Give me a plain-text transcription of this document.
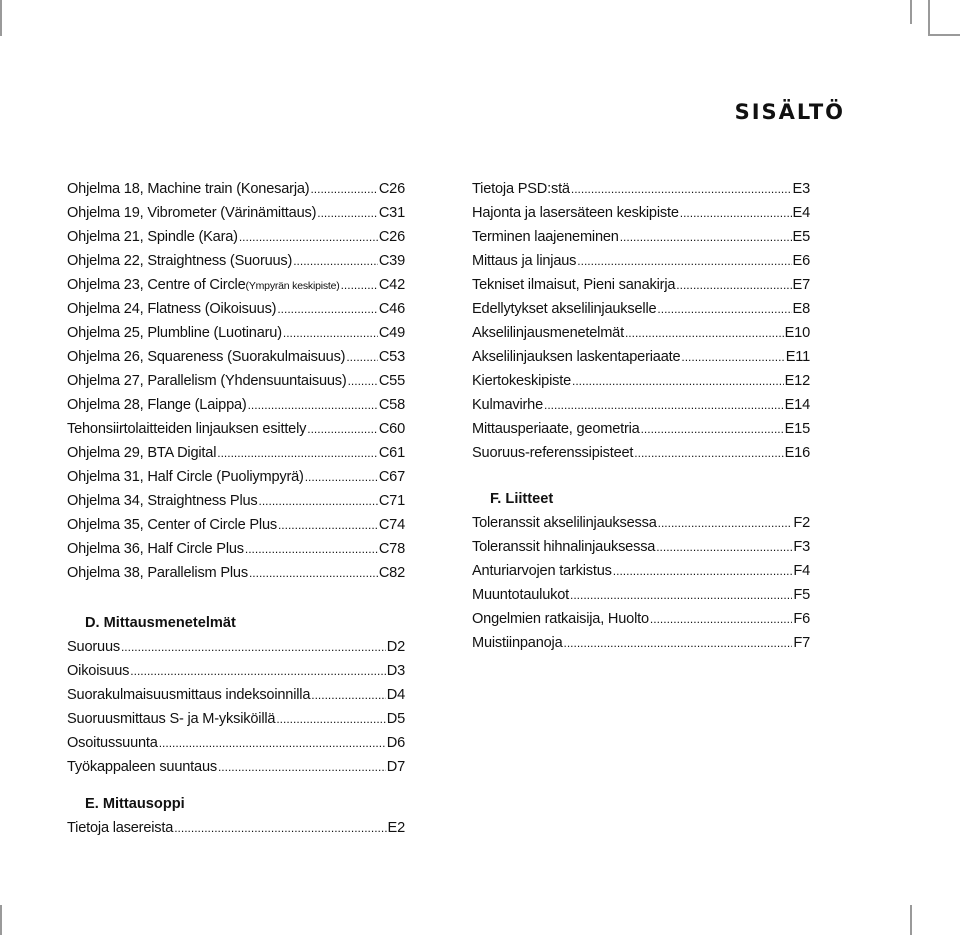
SISÄLTÖ
Ohjelma 18, Machine train (Konesarja) .....	C26
Ohjelma 19, Vibrometer (Värinämittaus) .....	C31
Ohjelma 21, Spindle (Kara) .....	C26
Ohjelma 22, Straightness (Suoruus) .....	C39
Ohjelma 23, Centre of Circle (Ympyrän keskipiste) .....	C42
Ohjelma 24, Flatness (Oikoisuus) .....	C46
Ohjelma 25, Plumbline (Luotinaru) .....	C49
Ohjelma 26, Squareness (Suorakulmaisuus) ..... C53
Ohjelma 27, Parallelism (Yhdensuuntaisuus) ..... C55
Ohjelma 28, Flange (Laippa) .....	C58
Tehonsiirtolaitteiden linjauksen esittely .....	C60
Ohjelma 29, BTA Digital .....	C61
Ohjelma 31, Half Circle (Puoliympyrä) .....	C67
Ohjelma 34, Straightness Plus .....	C71
Ohjelma 35, Center of Circle Plus .....	C74
Ohjelma 36, Half Circle Plus .....	C78
Ohjelma 38, Parallelism Plus .....	C82
D. Mittausmenetelmät
Suoruus .....	D2
Oikoisuus .....	D3
Suorakulmaisuusmittaus indeksoinnilla .....	D4
Suoruusmittaus S- ja M-yksiköillä .....	D5
Osoitussuunta .....	D6
Työkappaleen suuntaus .....	D7
E. Mittausoppi
Tietoja lasereista .....	E2
Tietoja PSD:stä .....	E3
Hajonta ja lasersäteen keskipiste .....	E4
Terminen laajeneminen .....	E5
Mittaus ja linjaus .....	E6
Tekniset ilmaisut, Pieni sanakirja .....	E7
Edellytykset akselilinjaukselle .....	E8
Akselilinjausmenetelmät .....	E10
Akselilinjauksen laskentaperiaate .....	E11
Kiertokeskipiste .....	E12
Kulmavirhe .....	E14
Mittausperiaate, geometria .....	E15
Suoruus-referenssipisteet .....	E16
F. Liitteet
Toleranssit akselilinjauksessa .....	F2
Toleranssit hihnalinjauksessa .....	F3
Anturiarvojen tarkistus .....	F4
Muuntotaulukot .....	F5
Ongelmien ratkaisija, Huolto .....	F6
Muistiinpanoja .....	F7
